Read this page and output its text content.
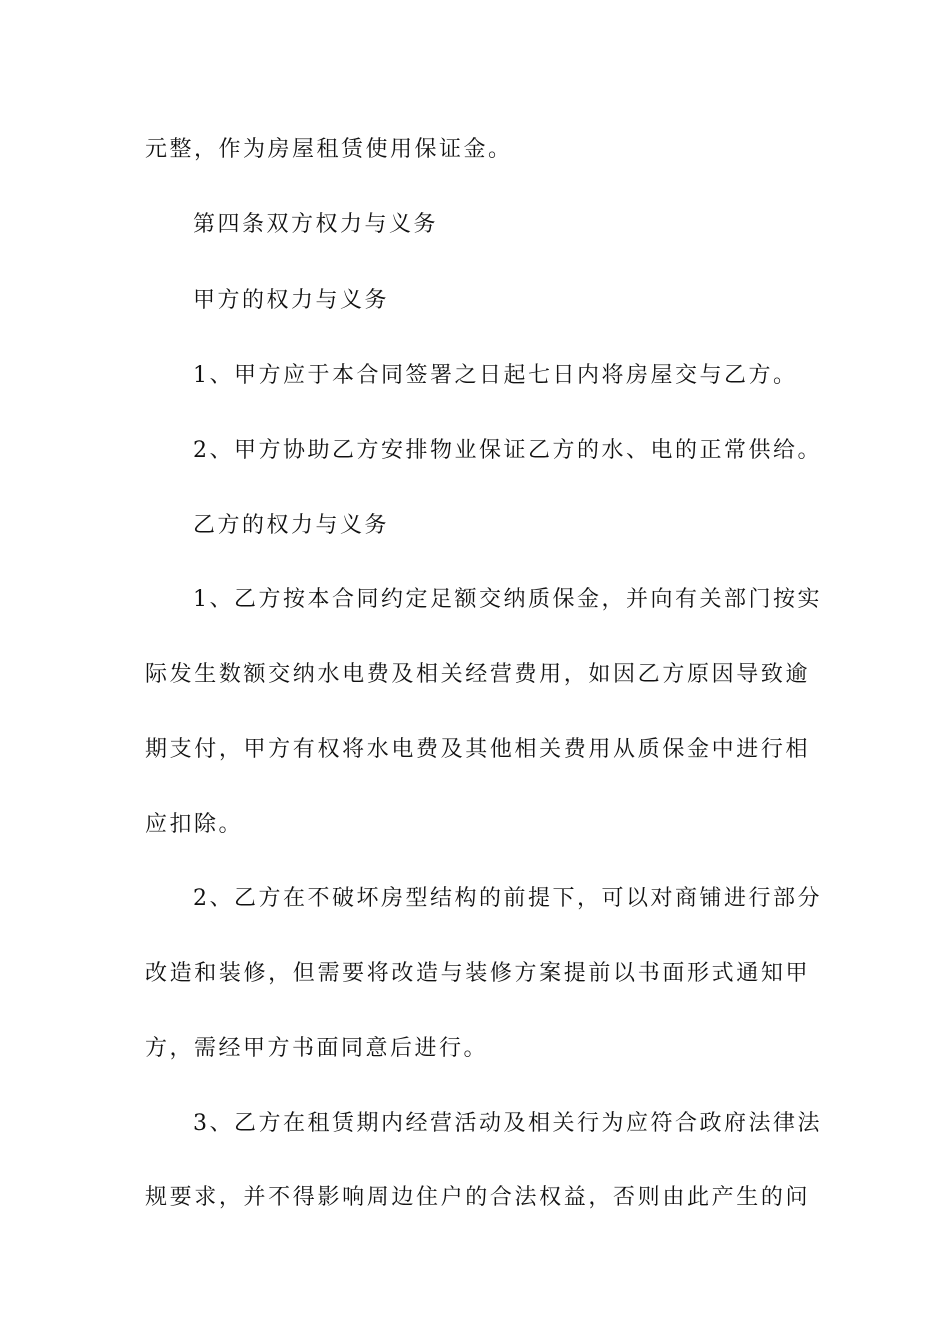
元整，作为房屋租赁使用保证金。
第四条双方权力与义务
甲方的权力与义务
1、甲方应于本合同签署之日起七日内将房屋交与乙方。
2、甲方协助乙方安排物业保证乙方的水、电的正常供给。
乙方的权力与义务
1、乙方按本合同约定足额交纳质保金，并向有关部门按实
际发生数额交纳水电费及相关经营费用，如因乙方原因导致逾
期支付，甲方有权将水电费及其他相关费用从质保金中进行相
应扣除。
2、乙方在不破坏房型结构的前提下，可以对商铺进行部分
改造和装修，但需要将改造与装修方案提前以书面形式通知甲
方，需经甲方书面同意后进行。
3、乙方在租赁期内经营活动及相关行为应符合政府法律法
规要求，并不得影响周边住户的合法权益，否则由此产生的问
